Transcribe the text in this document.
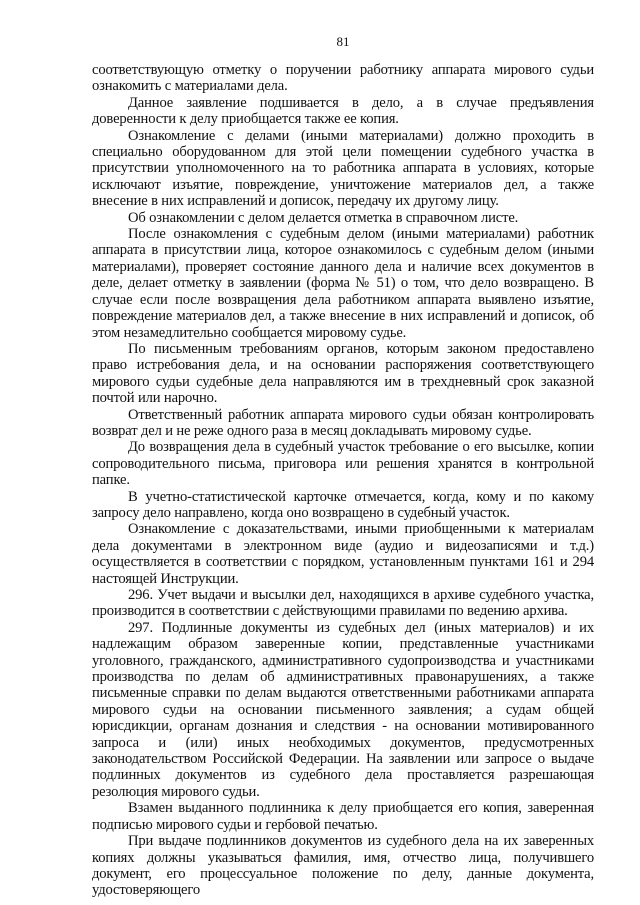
81

соответствующую отметку о поручении работнику аппарата мирового судьи ознакомить с материалами дела.

Данное заявление подшивается в дело, а в случае предъявления доверенности к делу приобщается также ее копия.

Ознакомление с делами (иными материалами) должно проходить в специально оборудованном для этой цели помещении судебного участка в присутствии уполномоченного на то работника аппарата в условиях, которые исключают изъятие, повреждение, уничтожение материалов дел, а также внесение в них исправлений и дописок, передачу их другому лицу.

Об ознакомлении с делом делается отметка в справочном листе.

После ознакомления с судебным делом (иными материалами) работник аппарата в присутствии лица, которое ознакомилось с судебным делом (иными материалами), проверяет состояние данного дела и наличие всех документов в деле, делает отметку в заявлении (форма № 51) о том, что дело возвращено. В случае если после возвращения дела работником аппарата выявлено изъятие, повреждение материалов дел, а также внесение в них исправлений и дописок, об этом незамедлительно сообщается мировому судье.

По письменным требованиям органов, которым законом предоставлено право истребования дела, и на основании распоряжения соответствующего мирового судьи судебные дела направляются им в трехдневный срок заказной почтой или нарочно.

Ответственный работник аппарата мирового судьи обязан контролировать возврат дел и не реже одного раза в месяц докладывать мировому судье.

До возвращения дела в судебный участок требование о его высылке, копии сопроводительного письма, приговора или решения хранятся в контрольной папке.

В учетно-статистической карточке отмечается, когда, кому и по какому запросу дело направлено, когда оно возвращено в судебный участок.

Ознакомление с доказательствами, иными приобщенными к материалам дела документами в электронном виде (аудио и видеозаписями и т.д.) осуществляется в соответствии с порядком, установленным пунктами 161 и 294 настоящей Инструкции.

296. Учет выдачи и высылки дел, находящихся в архиве судебного участка, производится в соответствии с действующими правилами по ведению архива.

297. Подлинные документы из судебных дел (иных материалов) и их надлежащим образом заверенные копии, представленные участниками уголовного, гражданского, административного судопроизводства и участниками производства по делам об административных правонарушениях, а также письменные справки по делам выдаются ответственными работниками аппарата мирового судьи на основании письменного заявления; а судам общей юрисдикции, органам дознания и следствия - на основании мотивированного запроса и (или) иных необходимых документов, предусмотренных законодательством Российской Федерации. На заявлении или запросе о выдаче подлинных документов из судебного дела проставляется разрешающая резолюция мирового судьи.

Взамен выданного подлинника к делу приобщается его копия, заверенная подписью мирового судьи и гербовой печатью.

При выдаче подлинников документов из судебного дела на их заверенных копиях должны указываться фамилия, имя, отчество лица, получившего документ, его процессуальное положение по делу, данные документа, удостоверяющего
